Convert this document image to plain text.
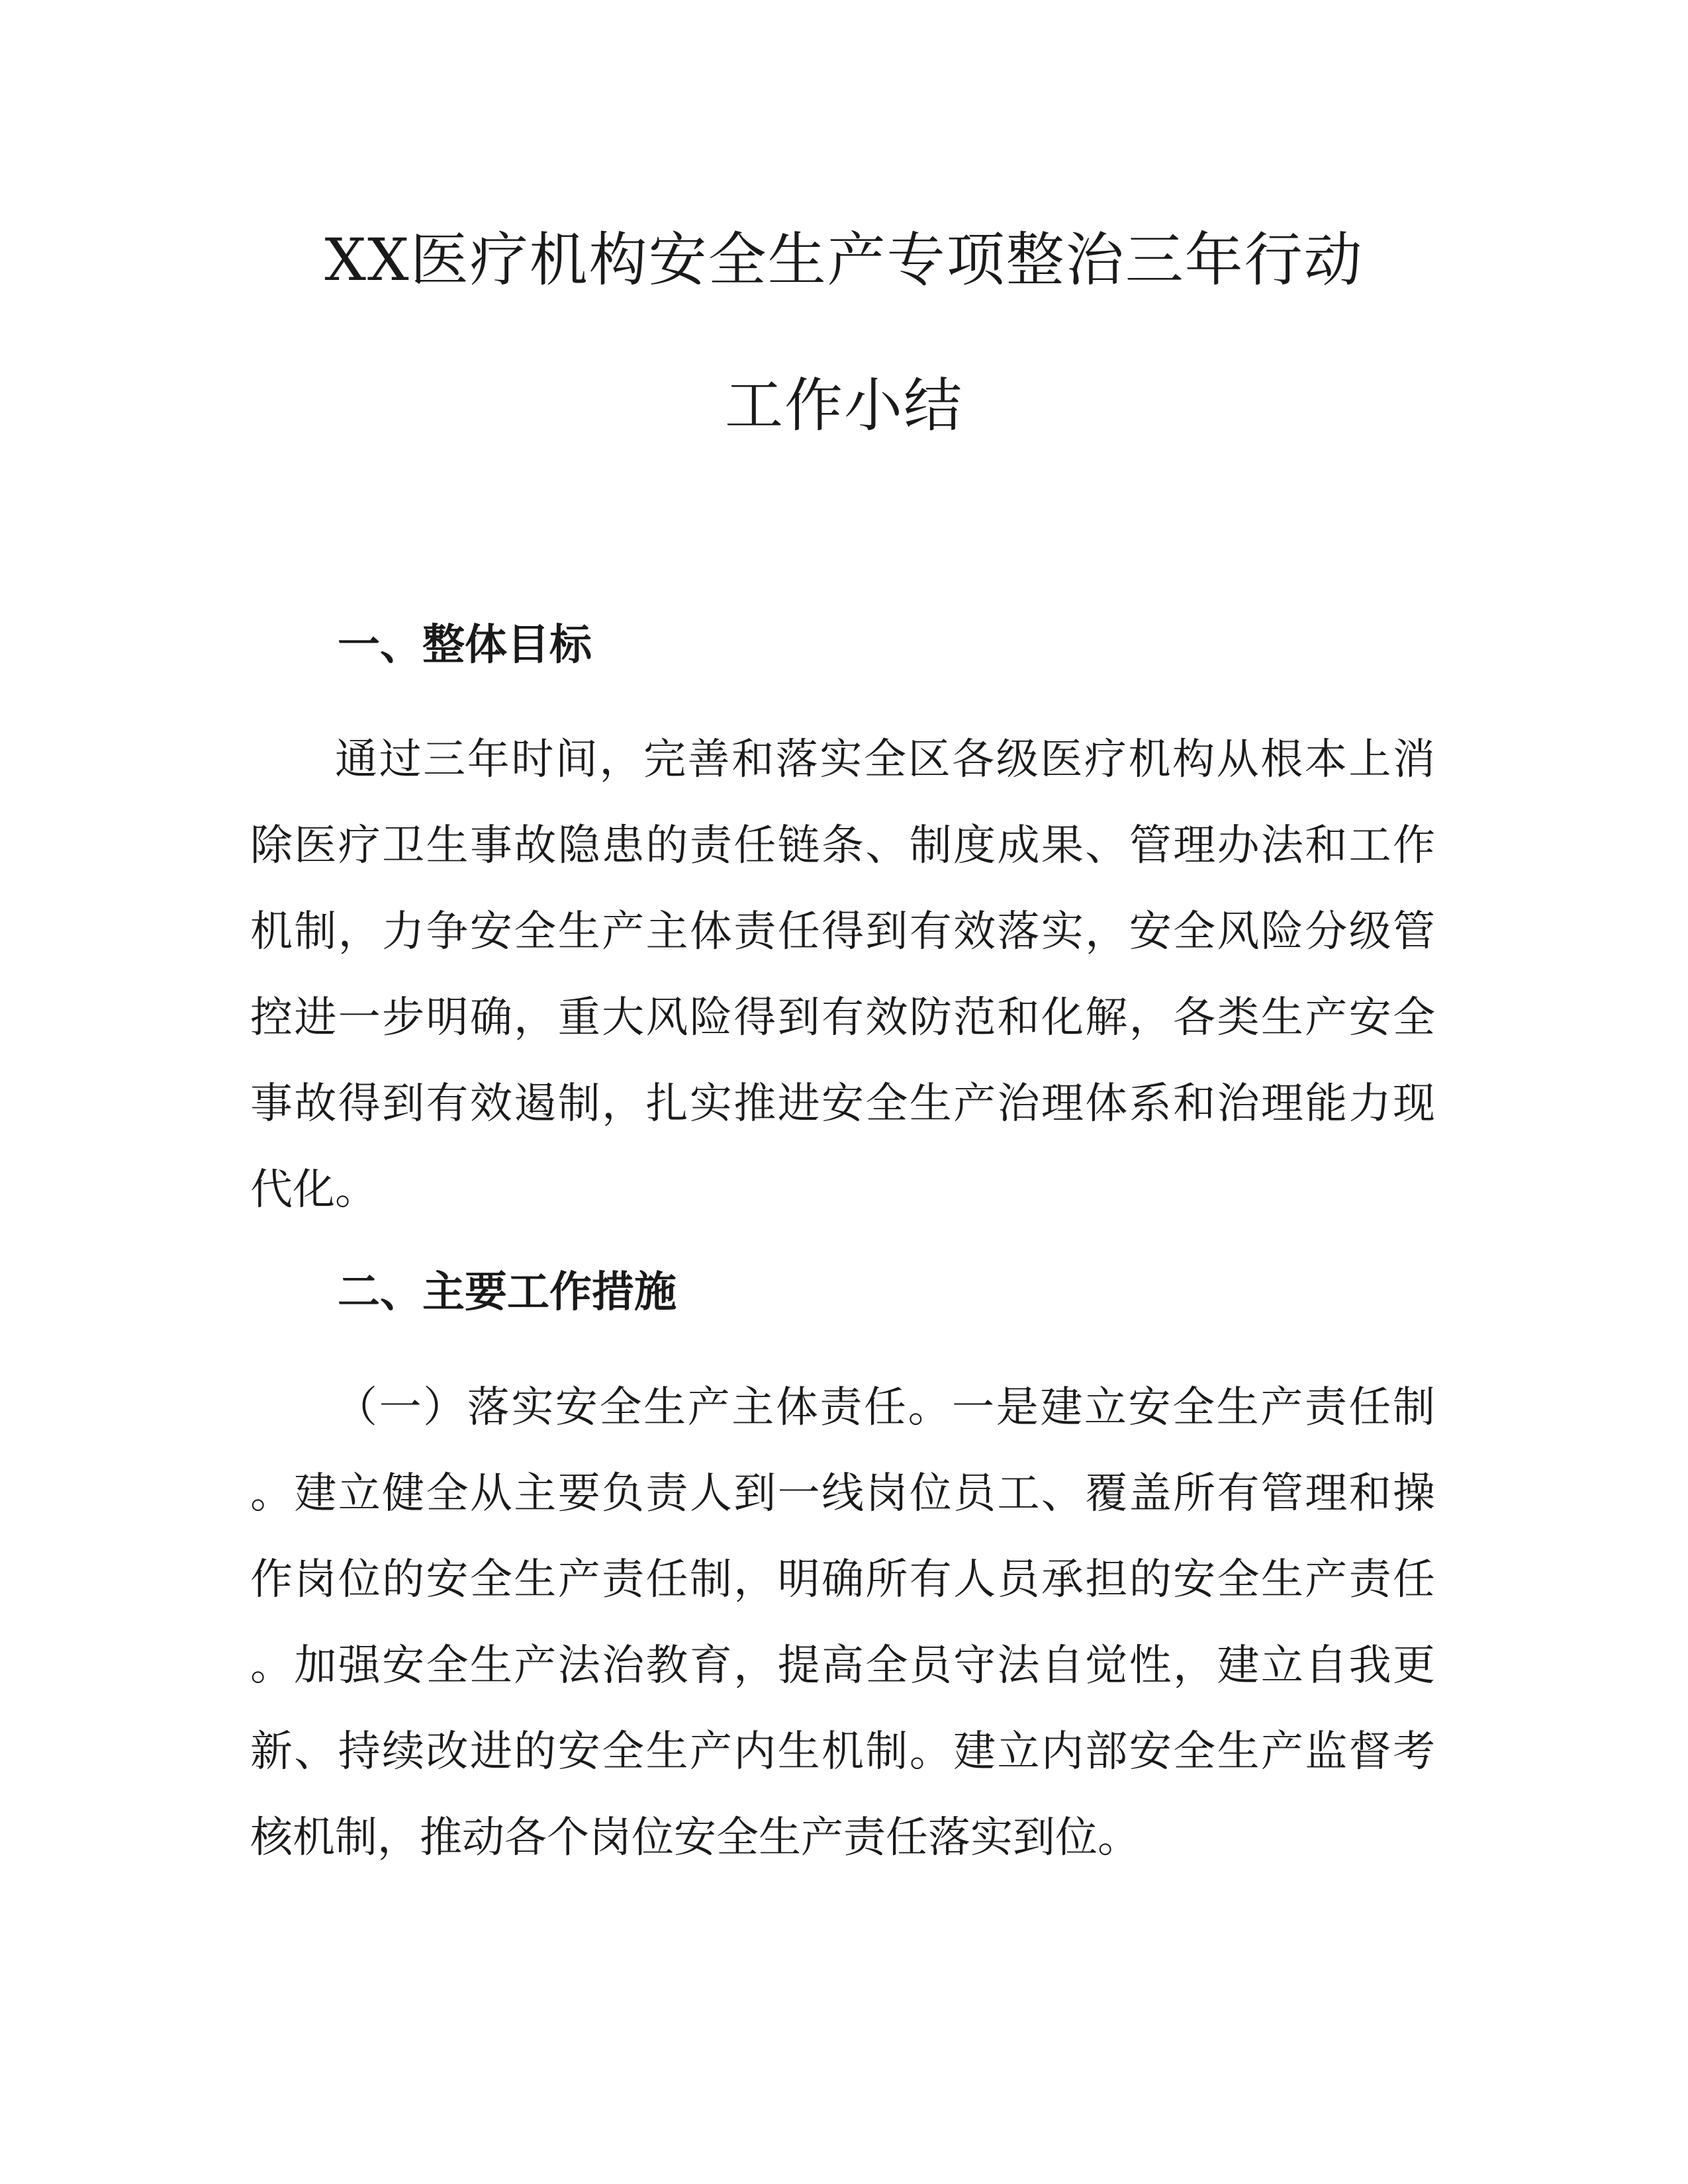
XX医疗机构安全生产专项整治三年行动
工作小结
一、整体目标
通过三年时间，完善和落实全区各级医疗机构从根本上消
除医疗卫生事故隐患的责任链条、制度成果、管理办法和工作
机制，力争安全生产主体责任得到有效落实，安全风险分级管
控进一步明确，重大风险得到有效防范和化解，各类生产安全
事故得到有效遏制，扎实推进安全生产治理体系和治理能力现
代化。
二、主要工作措施
（一）落实安全生产主体责任。一是建立安全生产责任制
。建立健全从主要负责人到一线岗位员工、覆盖所有管理和操
作岗位的安全生产责任制，明确所有人员承担的安全生产责任
。加强安全生产法治教育，提高全员守法自觉性，建立自我更
新、持续改进的安全生产内生机制。建立内部安全生产监督考
核机制，推动各个岗位安全生产责任落实到位。
